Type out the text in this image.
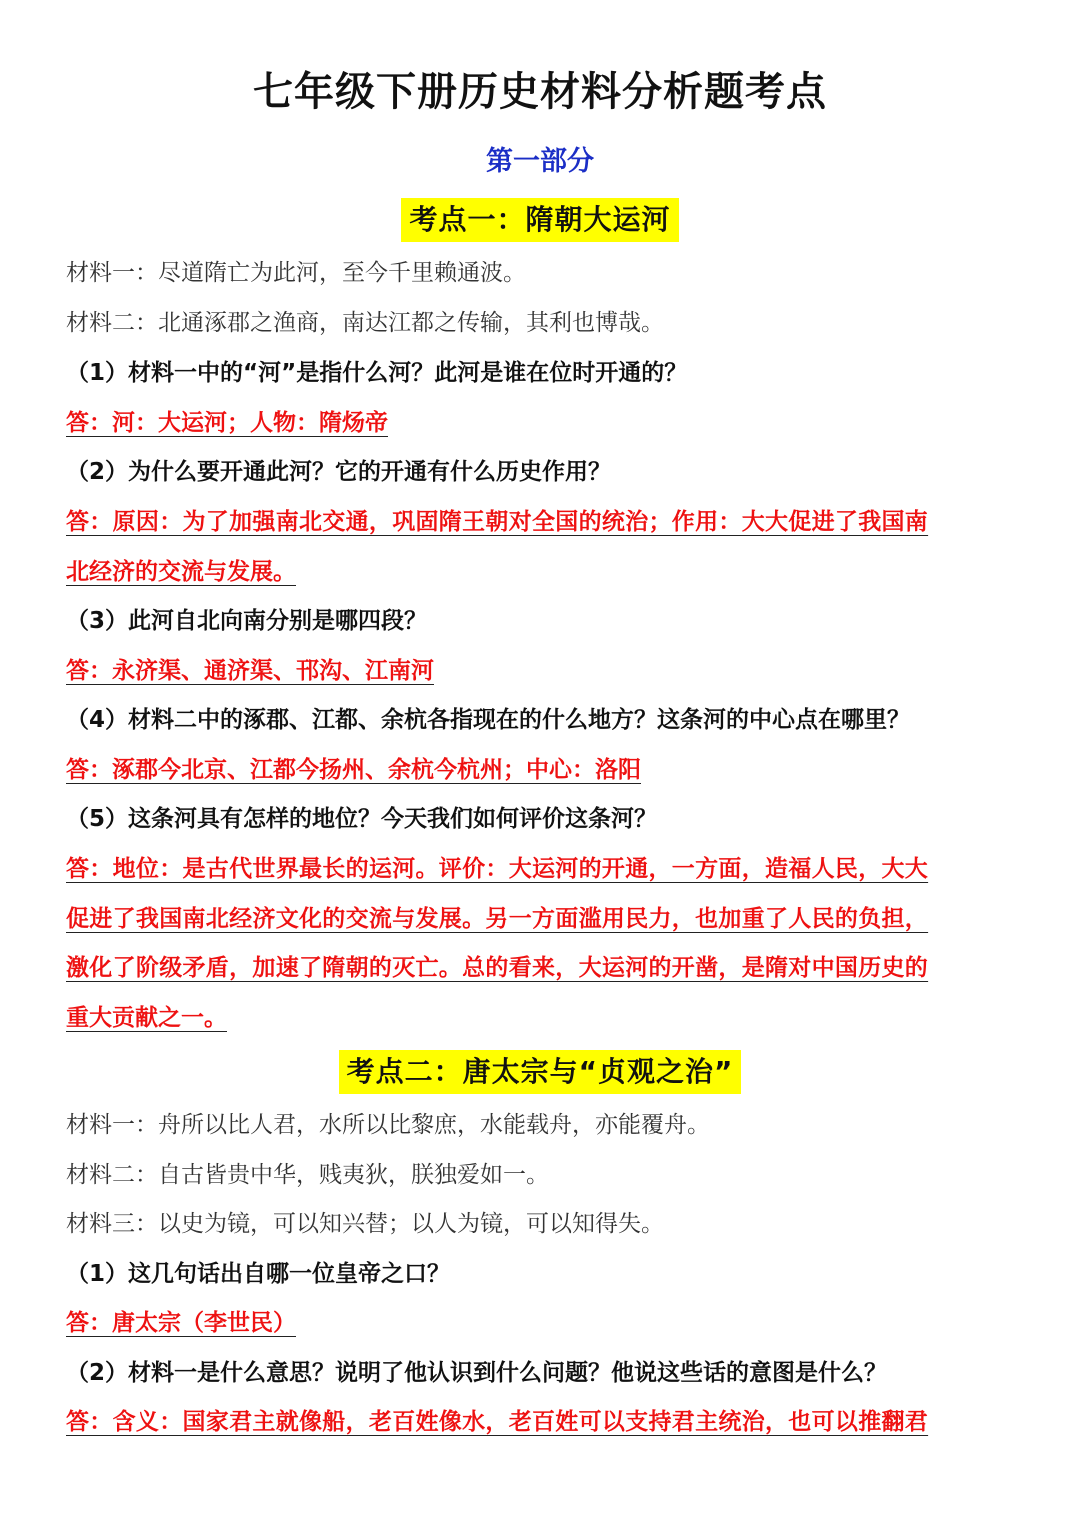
七年级下册历史材料分析题考点
第一部分
考点一：隋朝大运河
材料一：尽道隋亡为此河，至今千里赖通波。
材料二：北通涿郡之渔商，南达江都之传输，其利也博哉。
（1）材料一中的“河”是指什么河？此河是谁在位时开通的？
答：河：大运河；人物：隋炀帝
（2）为什么要开通此河？它的开通有什么历史作用？
答：原因：为了加强南北交通，巩固隋王朝对全国的统治；作用：大大促进了我国南
北经济的交流与发展。
（3）此河自北向南分别是哪四段？
答：永济渠、通济渠、邗沟、江南河
（4）材料二中的涿郡、江都、余杭各指现在的什么地方？这条河的中心点在哪里？
答：涿郡今北京、江都今扬州、余杭今杭州；中心：洛阳
（5）这条河具有怎样的地位？今天我们如何评价这条河？
答：地位：是古代世界最长的运河。评价：大运河的开通，一方面，造福人民，大大
促进了我国南北经济文化的交流与发展。另一方面滥用民力，也加重了人民的负担，
激化了阶级矛盾，加速了隋朝的灭亡。总的看来，大运河的开凿，是隋对中国历史的
重大贡献之一。
考点二：唐太宗与“贞观之治”
材料一：舟所以比人君，水所以比黎庶，水能载舟，亦能覆舟。
材料二：自古皆贵中华，贱夷狄，朕独爱如一。
材料三：以史为镜，可以知兴替；以人为镜，可以知得失。
（1）这几句话出自哪一位皇帝之口？
答：唐太宗（李世民）
（2）材料一是什么意思？说明了他认识到什么问题？他说这些话的意图是什么？
答：含义：国家君主就像船，老百姓像水，老百姓可以支持君主统治，也可以推翻君
